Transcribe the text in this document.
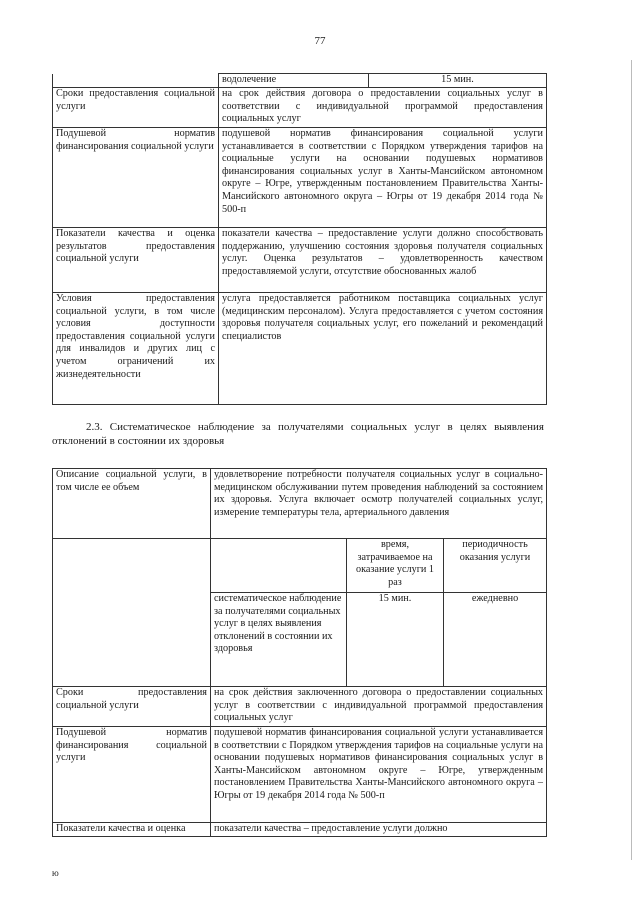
77
	водолечение	15 мин.
Сроки предоставления социальной услуги	на срок действия договора о предоставлении социальных услуг в соответствии с индивидуальной программой предоставления социальных услуг	
Подушевой норматив финансирования социальной услуги	подушевой норматив финансирования социальной услуги устанавливается в соответствии с Порядком утверждения тарифов на социальные услуги на основании подушевых нормативов финансирования социальных услуг в Ханты-Мансийском автономном округе – Югре, утвержденным постановлением Правительства Ханты-Мансийского автономного округа – Югры от 19 декабря 2014 года № 500-п	
Показатели качества и оценка результатов предоставления социальной услуги	показатели качества – предоставление услуги должно способствовать поддержанию, улучшению состояния здоровья получателя социальных услуг. Оценка результатов – удовлетворенность качеством предоставляемой услуги, отсутствие обоснованных жалоб	
Условия предоставления социальной услуги, в том числе условия доступности предоставления социальной услуги для инвалидов и других лиц с учетом ограничений их жизнедеятельности	услуга предоставляется работником поставщика социальных услуг (медицинским персоналом). Услуга предоставляется с учетом состояния здоровья получателя социальных услуг, его пожеланий и рекомендаций специалистов	
2.3. Систематическое наблюдение за получателями социальных услуг в целях выявления отклонений в состоянии их здоровья
Описание социальной услуги, в том числе ее объем	удовлетворение потребности получателя социальных услуг в социально-медицинском обслуживании путем проведения наблюдений за состоянием их здоровья. Услуга включает осмотр получателей социальных услуг, измерение температуры тела, артериального давления		
		время, затрачиваемое на оказание услуги 1 раз	периодичность оказания услуги
	систематическое наблюдение за получателями социальных услуг в целях выявления отклонений в состоянии их здоровья	15 мин.	ежедневно
Сроки предоставления социальной услуги	на срок действия заключенного договора о предоставлении социальных услуг в соответствии с индивидуальной программой предоставления социальных услуг		
Подушевой норматив финансирования социальной услуги	подушевой норматив финансирования социальной услуги устанавливается в соответствии с Порядком утверждения тарифов на социальные услуги на основании подушевых нормативов финансирования социальных услуг в Ханты-Мансийском автономном округе – Югре, утвержденным постановлением Правительства Ханты-Мансийского автономного округа – Югры от 19 декабря 2014 года № 500-п		
Показатели качества и оценка	показатели качества – предоставление услуги должно		
ю
